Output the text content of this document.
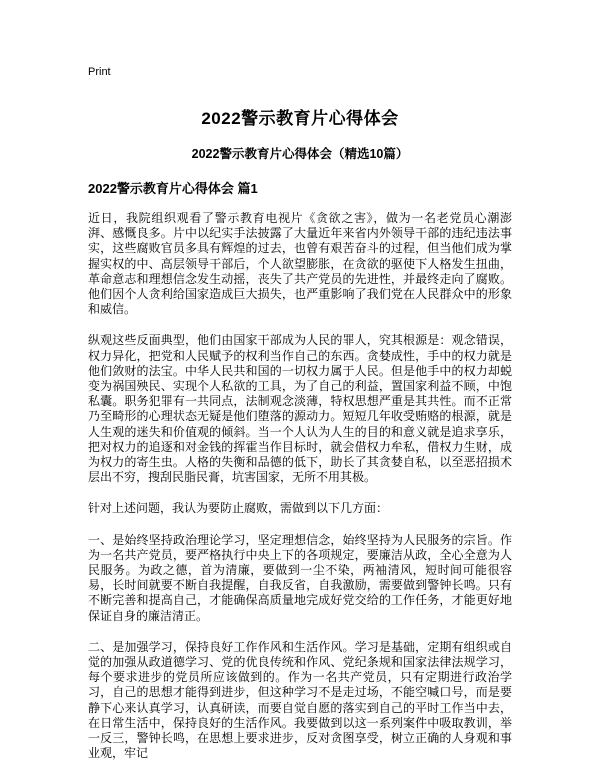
Print
2022警示教育片心得体会
2022警示教育片心得体会（精选10篇）
2022警示教育片心得体会 篇1

近日，我院组织观看了警示教育电视片《贪欲之害》，做为一名老党员心潮澎湃、感慨良多。片中以纪实手法披露了大量近年来省内外领导干部的违纪违法事实，这些腐败官员多具有辉煌的过去，也曾有艰苦奋斗的过程，但当他们成为掌握实权的中、高层领导干部后，个人欲望膨胀，在贪欲的驱使下人格发生扭曲，革命意志和理想信念发生动摇，丧失了共产党员的先进性，并最终走向了腐败。他们因个人贪利给国家造成巨大损失，也严重影响了我们党在人民群众中的形象和威信。

纵观这些反面典型，他们由国家干部成为人民的罪人，究其根源是：观念错误，权力异化，把党和人民赋予的权利当作自己的东西。贪婪成性，手中的权力就是他们敛财的法宝。中华人民共和国的一切权力属于人民。但是他手中的权力却蜕变为祸国殃民、实现个人私欲的工具，为了自己的利益，置国家利益不顾，中饱私囊。职务犯罪有一共同点，法制观念淡薄，特权思想严重是其共性。而不正常乃至畸形的心理状态无疑是他们堕落的源动力。短短几年收受贿赂的根源，就是人生观的迷失和价值观的倾斜。当一个人认为人生的目的和意义就是追求享乐，把对权力的追逐和对金钱的挥霍当作目标时，就会借权力牟私，借权力生财，成为权力的寄生虫。人格的失衡和品德的低下，助长了其贪婪自私，以至恶招损术层出不穷，搜刮民脂民膏，坑害国家，无所不用其极。

针对上述问题，我认为要防止腐败，需做到以下几方面：

一、是始终坚持政治理论学习，坚定理想信念，始终坚持为人民服务的宗旨。作为一名共产党员，要严格执行中央上下的各项规定，要廉洁从政，全心全意为人民服务。为政之德，首为清廉，要做到一尘不染，两袖清风，短时间可能很容易，长时间就要不断自我提醒，自我反省，自我激励，需要做到警钟长鸣。只有不断完善和提高自己，才能确保高质量地完成好党交给的工作任务，才能更好地保证自身的廉洁清正。

二、是加强学习，保持良好工作作风和生活作风。学习是基础，定期有组织或自觉的加强从政道德学习、党的优良传统和作风、党纪条规和国家法律法规学习，每个要求进步的党员所应该做到的。作为一名共产党员，只有定期进行政治学习，自己的思想才能得到进步，但这种学习不是走过场，不能空喊口号，而是要静下心来认真学习，认真研读，而要自觉自愿的落实到自己的平时工作当中去，在日常生活中，保持良好的生活作风。我要做到以这一系列案件中吸取教训，举一反三，警钟长鸣，在思想上要求进步，反对贪图享受，树立正确的人身观和事业观，牢记
